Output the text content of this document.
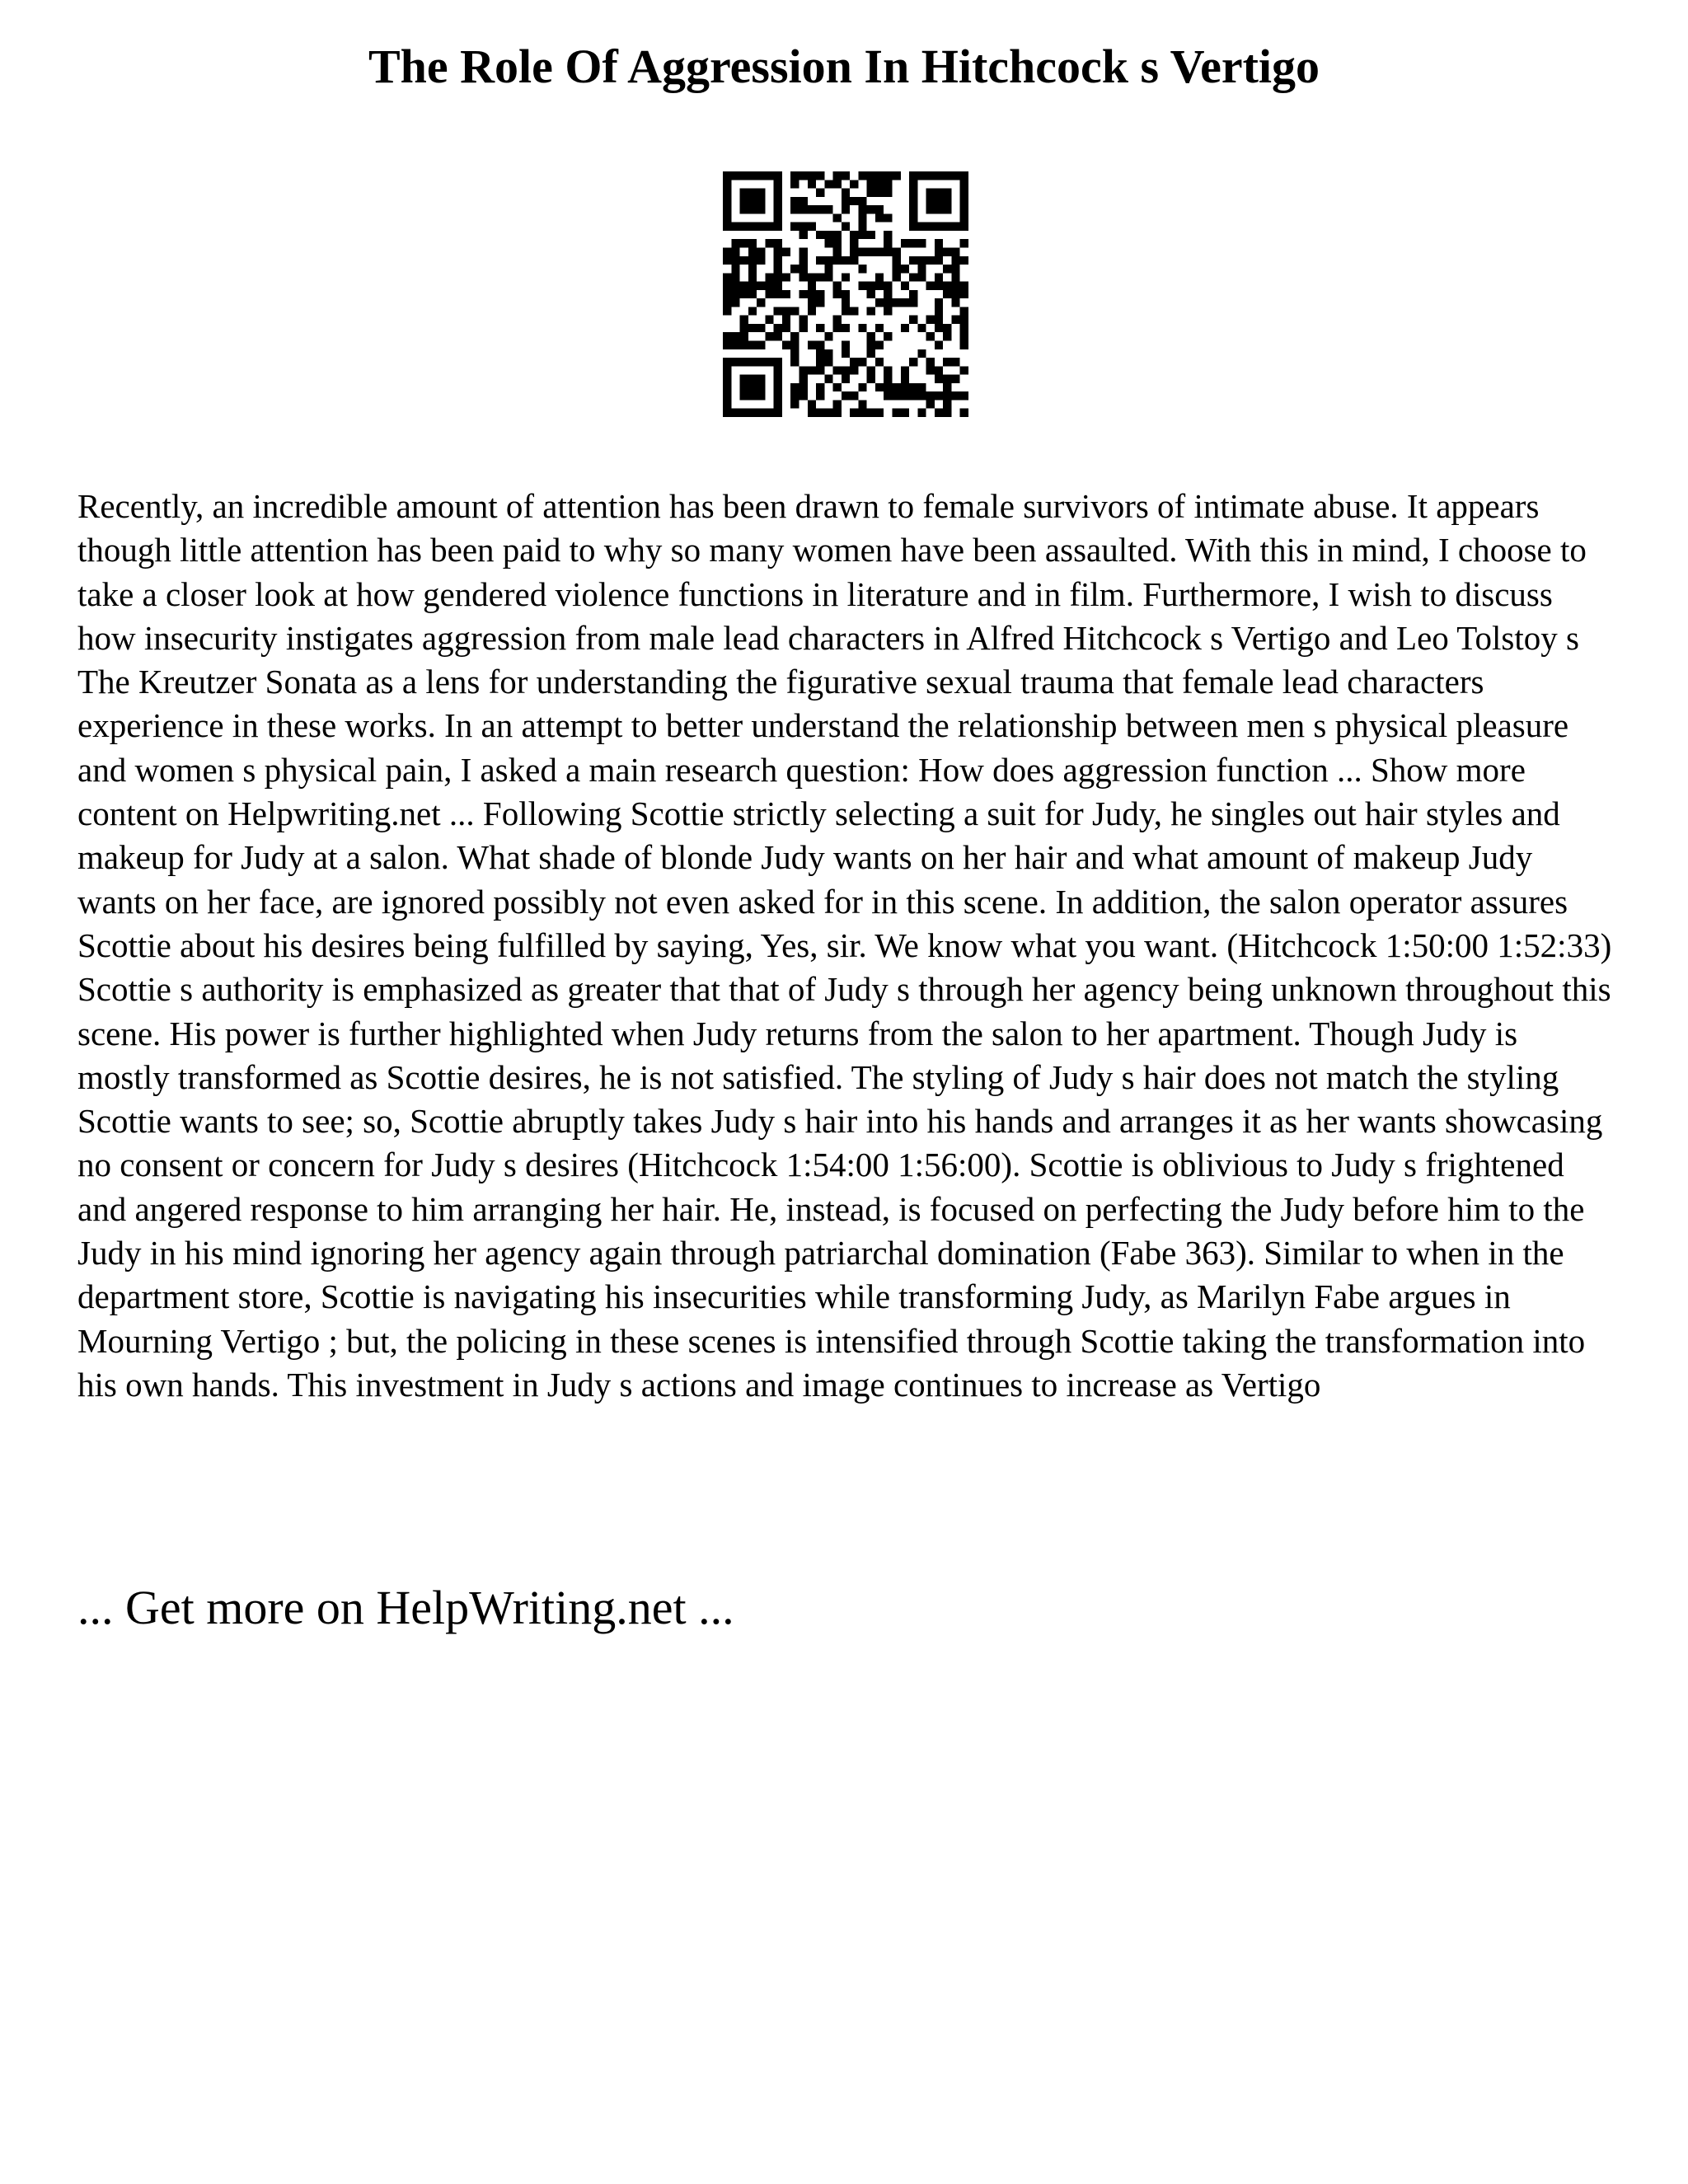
The Role Of Aggression In Hitchcock s Vertigo

Recently, an incredible amount of attention has been drawn to female survivors of intimate abuse. It appears though little attention has been paid to why so many women have been assaulted. With this in mind, I choose to take a closer look at how gendered violence functions in literature and in film. Furthermore, I wish to discuss how insecurity instigates aggression from male lead characters in Alfred Hitchcock s Vertigo and Leo Tolstoy s The Kreutzer Sonata as a lens for understanding the figurative sexual trauma that female lead characters experience in these works. In an attempt to better understand the relationship between men s physical pleasure and women s physical pain, I asked a main research question: How does aggression function ... Show more content on Helpwriting.net ... Following Scottie strictly selecting a suit for Judy, he singles out hair styles and makeup for Judy at a salon. What shade of blonde Judy wants on her hair and what amount of makeup Judy wants on her face, are ignored possibly not even asked for in this scene. In addition, the salon operator assures Scottie about his desires being fulfilled by saying, Yes, sir. We know what you want. (Hitchcock 1:50:00 1:52:33) Scottie s authority is emphasized as greater that that of Judy s through her agency being unknown throughout this scene. His power is further highlighted when Judy returns from the salon to her apartment. Though Judy is mostly transformed as Scottie desires, he is not satisfied. The styling of Judy s hair does not match the styling Scottie wants to see; so, Scottie abruptly takes Judy s hair into his hands and arranges it as her wants showcasing no consent or concern for Judy s desires (Hitchcock 1:54:00 1:56:00). Scottie is oblivious to Judy s frightened and angered response to him arranging her hair. He, instead, is focused on perfecting the Judy before him to the Judy in his mind ignoring her agency again through patriarchal domination (Fabe 363). Similar to when in the department store, Scottie is navigating his insecurities while transforming Judy, as Marilyn Fabe argues in Mourning Vertigo ; but, the policing in these scenes is intensified through Scottie taking the transformation into his own hands. This investment in Judy s actions and image continues to increase as Vertigo

... Get more on HelpWriting.net ...
